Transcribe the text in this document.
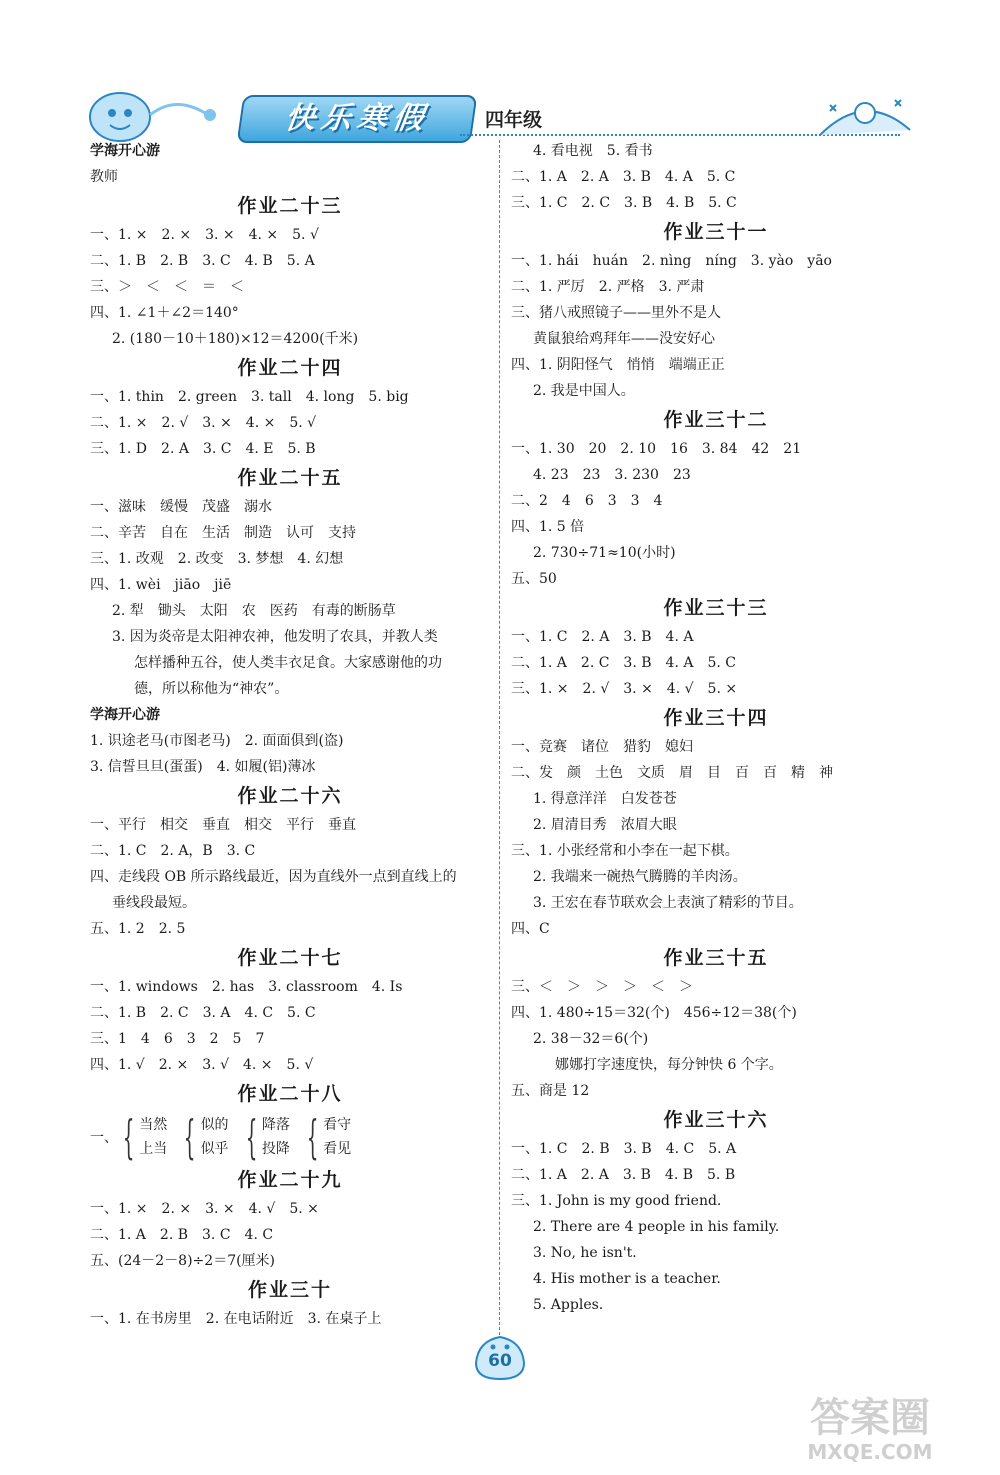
快乐寒假	四年级
学海开心游
教师
作业二十三
一、1. ×　2. ×　3. ×　4. ×　5. √
二、1. B　2. B　3. C　4. B　5. A
三、＞　＜　＜　＝　＜
四、1. ∠1＋∠2＝140°
2. (180－10＋180)×12＝4200(千米)
作业二十四
一、1. thin　2. green　3. tall　4. long　5. big
二、1. ×　2. √　3. ×　4. ×　5. √
三、1. D　2. A　3. C　4. E　5. B
作业二十五
一、滋味　缓慢　茂盛　溺水
二、辛苦　自在　生活　制造　认可　支持
三、1. 改观　2. 改变　3. 梦想　4. 幻想
四、1. wèi　jiāo　jiē
2. 犁　锄头　太阳　农　医药　有毒的断肠草
3. 因为炎帝是太阳神农神，他发明了农具，并教人类
怎样播种五谷，使人类丰衣足食。大家感谢他的功
德，所以称他为“神农”。
学海开心游
1. 识途老马(市图老马)　2. 面面俱到(盗)
3. 信誓旦旦(蛋蛋)　4. 如履(铝)薄冰
作业二十六
一、平行　相交　垂直　相交　平行　垂直
二、1. C　2. A，B　3. C
四、走线段 OB 所示路线最近，因为直线外一点到直线上的
垂线段最短。
五、1. 2　2. 5
作业二十七
一、1. windows　2. has　3. classroom　4. Is
二、1. B　2. C　3. A　4. C　5. C
三、1　4　6　3　2　5　7
四、1. √　2. ×　3. √　4. ×　5. √
作业二十八
一、 { 当然
上当 { 似的
似乎 { 降落
投降 { 看守
看见
作业二十九
一、1. ×　2. ×　3. ×　4. √　5. ×
二、1. A　2. B　3. C　4. C
五、(24－2－8)÷2＝7(厘米)
作业三十
一、1. 在书房里　2. 在电话附近　3. 在桌子上
4. 看电视　5. 看书
二、1. A　2. A　3. B　4. A　5. C
三、1. C　2. C　3. B　4. B　5. C
作业三十一
一、1. hái　huán　2. nìng　níng　3. yào　yāo
二、1. 严厉　2. 严格　3. 严肃
三、猪八戒照镜子——里外不是人
黄鼠狼给鸡拜年——没安好心
四、1. 阴阳怪气　悄悄　端端正正
2. 我是中国人。
作业三十二
一、1. 30　20　2. 10　16　3. 84　42　21
4. 23　23　3. 230　23
二、2　4　6　3　3　4
四、1. 5 倍
2. 730÷71≈10(小时)
五、50
作业三十三
一、1. C　2. A　3. B　4. A
二、1. A　2. C　3. B　4. A　5. C
三、1. ×　2. √　3. ×　4. √　5. ×
作业三十四
一、竞赛　诸位　猎豹　媳妇
二、发　颜　土色　文质　眉　目　百　百　精　神
1. 得意洋洋　白发苍苍
2. 眉清目秀　浓眉大眼
三、1. 小张经常和小李在一起下棋。
2. 我端来一碗热气腾腾的羊肉汤。
3. 王宏在春节联欢会上表演了精彩的节目。
四、C
作业三十五
三、＜　＞　＞　＞　＜　＞
四、1. 480÷15＝32(个)　456÷12＝38(个)
2. 38－32＝6(个)
娜娜打字速度快，每分钟快 6 个字。
五、商是 12
作业三十六
一、1. C　2. B　3. B　4. C　5. A
二、1. A　2. A　3. B　4. B　5. B
三、1. John is my good friend.
2. There are 4 people in his family.
3. No, he isn't.
4. His mother is a teacher.
5. Apples.
60
答案圈
MXQE.COM
